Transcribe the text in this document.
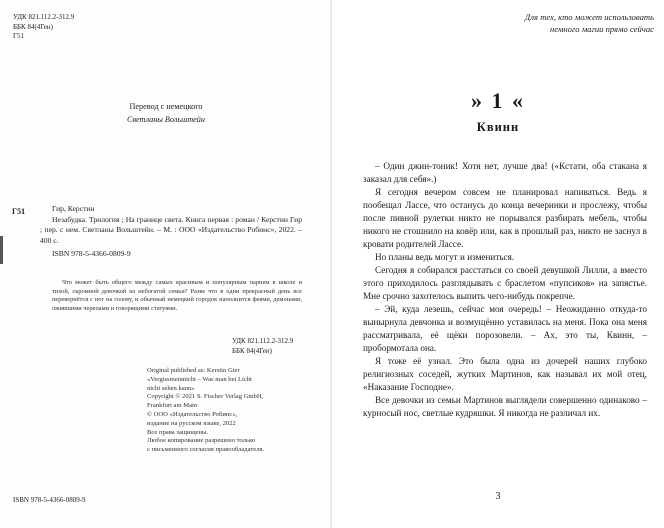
УДК 821.112.2-312.9
ББК 84(4Ген)
Г51
Перевод с немецкого
Светланы Вольштейн
Г51	Гир, Керстин
Незабудка. Трилогия ; На границе света. Книга первая : роман / Керстин Гир ; пер. с нем. Светланы Вольштейн. – М. : ООО «Издательство Робинс», 2022. – 400 с.
ISBN 978-5-4366-0809-9
Что может быть общего между самых красивым и популярным парнем в школе и тихой, скромной девочкой из небогатой семьи? Разве что в одни прекрасный день все перевернётся с ног на голову, и обычный немецкий городок наполнится феями, демонами, ожившими черепами и говорящими статуями.
УДК 821.112.2-312.9
ББК 84(4Ген)
Original published as: Kerstin Gier
«Vergissmeinnicht – Was man bei Licht
nicht sehen kann»
Copyright © 2021 S. Fischer Verlag GmbH,
Frankfurt am Main
© ООО «Издательство Робинс»,
издание на русском языке, 2022
Все права защищены.
Любое копирование разрешено только
с письменного согласия правообладателя.
ISBN 978-5-4366-0809-9
Для тех, кто может использовать
немного магии прямо сейчас
» 1 «
Квинн

– Один джин-тоник! Хотя нет, лучше два! («Кстати, оба стакана я заказал для себя».)

Я сегодня вечером совсем не планировал напиваться. Ведь я пообещал Лассе, что останусь до конца вечеринки и прослежу, чтобы после пивной рулетки никто не порывался разбирать мебель, чтобы никого не стошнило на ковёр или, как в прошлый раз, никто не заснул в кровати родителей Лассе.

Но планы ведь могут и измениться.

Сегодня я собирался расстаться со своей девушкой Лилли, а вместо этого приходилось разглядывать с браслетом «пупсиков» на запястье. Мне срочно захотелось выпить чего-нибудь покрепче.

– Эй, куда лезешь, сейчас моя очередь! – Неожиданно откуда-то вынырнула девчонка и возмущённо уставилась на меня. Пока она меня рассматривала, её щёки порозовели. – Ах, это ты, Квинн, – пробормотала она.

Я тоже её узнал. Это была одна из дочерей наших глубоко религиозных соседей, жутких Мартинов, как называл их мой отец, «Наказание Господне».

Все девочки из семьи Мартинов выглядели совершенно одинаково – курносый нос, светлые кудряшки. Я никогда не различал их.

3
